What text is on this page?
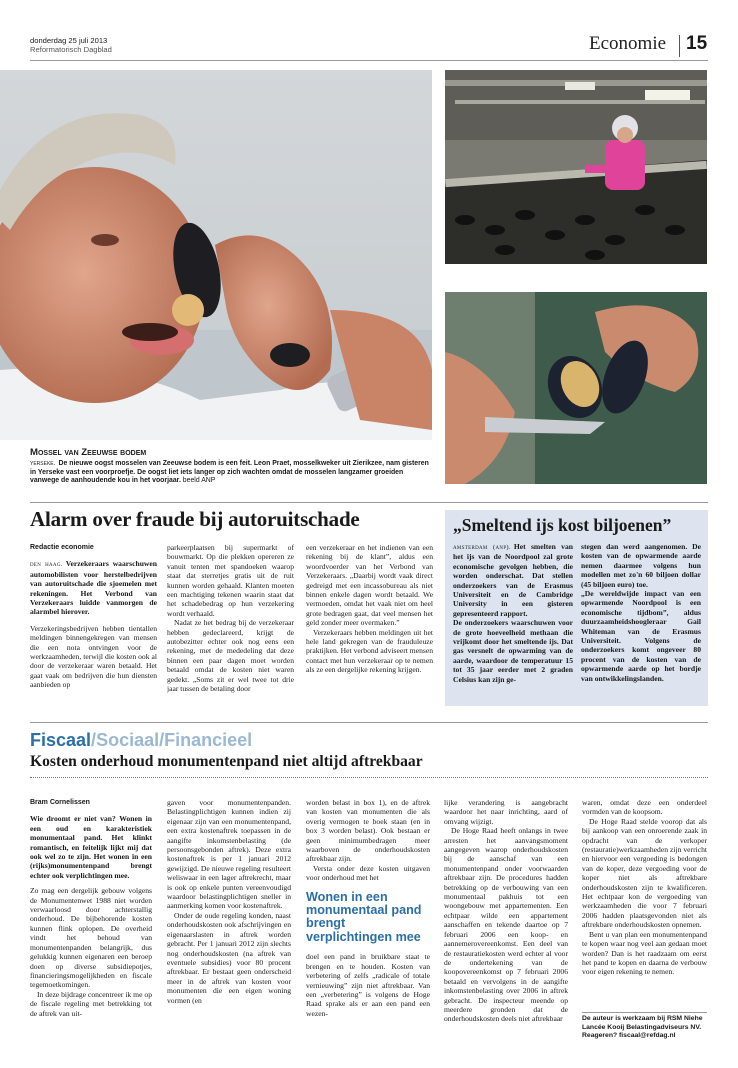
donderdag 25 juli 2013
Reformatorisch Dagblad	Economie 15
Mossel van Zeeuwse bodem
yerseke. De nieuwe oogst mosselen van Zeeuwse bodem is een feit. Leon Praet, mosselkweker uit Zierikzee, nam gisteren in Yerseke vast een voorproefje. De oogst liet iets langer op zich wachten omdat de mosselen langzamer groeiden vanwege de aanhoudende kou in het voorjaar. beeld ANP
Alarm over fraude bij autoruitschade

Redactie economie

den haag. Verzekeraars waarschuwen automobilisten voor herstelbedrijven van autoruitschade die sjoemelen met rekeningen. Het Verbond van Verzekeraars luidde vanmorgen de alarmbel hierover.

Verzekeringsbedrijven hebben tientallen meldingen binnengekregen van mensen die een nota ontvingen voor de werkzaamheden, terwijl die kosten ook al door de verzekeraar waren betaald. Het gaat vaak om bedrijven die hun diensten aanbieden op

parkeerplaatsen bij supermarkt of bouwmarkt. Op die plekken opereren ze vanuit tenten met spandoeken waarop staat dat sterretjes gratis uit de ruit kunnen worden gehaald. Klanten moeten een machtiging tekenen waarin staat dat het schadebedrag op hun verzekering wordt verhaald.

Nadat ze het bedrag bij de verzekeraar hebben gedeclareerd, krijgt de autobezitter echter ook nog eens een rekening, met de mededeling dat deze binnen een paar dagen moet worden betaald omdat de kosten niet waren gedekt. „Soms zit er wel twee tot drie jaar tussen de betaling door

een verzekeraar en het indienen van een rekening bij de klant”, aldus een woordvoerder van het Verbond van Verzekeraars. „Daarbij wordt vaak direct gedreigd met een incassobureau als niet binnen enkele dagen wordt betaald. We vermoeden, omdat het vaak niet om heel grote bedragen gaat, dat veel mensen het geld zonder meer overmaken.”

Verzekeraars hebben meldingen uit het hele land gekregen van de frauduleuze praktijken. Het verbond adviseert mensen contact met hun verzekeraar op te nemen als ze een dergelijke rekening krijgen.

„Smeltend ijs kost biljoenen”

amsterdam (anp). Het smelten van het ijs van de Noordpool zal grote economische gevolgen hebben, die worden onderschat. Dat stellen onderzoekers van de Erasmus Universiteit en de Cambridge University in een gisteren gepresenteerd rapport.

De onderzoekers waarschuwen voor de grote hoeveelheid methaan die vrijkomt door het smeltende ijs. Dat gas versnelt de opwarming van de aarde, waardoor de temperatuur 15 tot 35 jaar eerder met 2 graden Celsius kan zijn ge-

stegen dan werd aangenomen. De kosten van de opwarmende aarde nemen daarmee volgens hun modellen met zo'n 60 biljoen dollar (45 biljoen euro) toe.

„De wereldwijde impact van een opwarmende Noordpool is een economische tijdbom”, aldus duurzaamheidshoogleraar Gail Whiteman van de Erasmus Universiteit. Volgens de onderzoekers komt ongeveer 80 procent van de kosten van de opwarmende aarde op het bordje van ontwikkelingslanden.

Fiscaal/Sociaal/Financieel
Kosten onderhoud monumentenpand niet altijd aftrekbaar

Bram Cornelissen

Wie droomt er niet van? Wonen in een oud en karakteristiek monumentaal pand. Het klinkt romantisch, en feitelijk lijkt mij dat ook wel zo te zijn. Het wonen in een (rijks)monumentenpand brengt echter ook verplichtingen mee.

Zo mag een dergelijk gebouw volgens de Monumentenwet 1988 niet worden verwaarloosd door achterstallig onderhoud. De bijbehorende kosten kunnen flink oplopen. De overheid vindt het behoud van monumentenpanden belangrijk, dus gelukkig kunnen eigenaren een beroep doen op diverse subsidiepotjes, financieringsmogelijkheden en fiscale tegemoetkomingen.

In deze bijdrage concentreer ik me op de fiscale regeling met betrekking tot de aftrek van uit-

gaven voor monumentenpanden. Belastingplichtigen kunnen indien zij eigenaar zijn van een monumentenpand, een extra kostenaftrek toepassen in de aangifte inkomstenbelasting (de persoonsgebonden aftrek). Deze extra kostenaftrek is per 1 januari 2012 gewijzigd. De nieuwe regeling resulteert weliswaar in een lager aftrekrecht, maar is ook op enkele punten vereenvoudigd waardoor belastingplichtigen sneller in aanmerking komen voor kostenaftrek.

Onder de oude regeling konden, naast onderhoudskosten ook afschrijvingen en eigenaarslasten in aftrek worden gebracht. Per 1 januari 2012 zijn slechts nog onderhoudskosten (na aftrek van eventuele subsidies) voor 80 procent aftrekbaar. Er bestaat geen onderscheid meer in de aftrek van kosten voor monumenten die een eigen woning vormen (en

worden belast in box 1), en de aftrek van kosten van monumenten die als overig vermogen te boek staan (en in box 3 worden belast). Ook bestaan er geen minimumbedragen meer waarboven de onderhoudskosten aftrekbaar zijn.

Versta onder deze kosten uitgaven voor onderhoud met het

Wonen in een monumentaal pand brengt verplichtingen mee

doel een pand in bruikbare staat te brengen en te houden. Kosten van verbetering of zelfs „radicale of totale vernieuwing” zijn niet aftrekbaar. Van een „verbetering” is volgens de Hoge Raad sprake als er aan een pand een wezen-

lijke verandering is aangebracht waardoor het naar inrichting, aard of omvang wijzigt.

De Hoge Raad heeft onlangs in twee arresten het aanvangsmoment aangegeven waarop onderhoudskosten bij de aanschaf van een monumentenpand onder voorwaarden aftrekbaar zijn. De procedures hadden betrekking op de verbouwing van een monumentaal pakhuis tot een woongebouw met appartementen. Een echtpaar wilde een appartement aanschaffen en tekende daartoe op 7 februari 2006 een koop- en aannemerovereenkomst. Een deel van de restauratiekosten werd echter al voor de ondertekening van de koopovereenkomst op 7 februari 2006 betaald en vervolgens in de aangifte inkomstenbelasting over 2006 in aftrek gebracht. De inspecteur meende op meerdere gronden dat de onderhoudskosten deels niet aftrekbaar

waren, omdat deze een onderdeel vormden van de koopsom.

De Hoge Raad stelde voorop dat als bij aankoop van een onroerende zaak in opdracht van de verkoper (restauratie)werkzaamheden zijn verricht en hiervoor een vergoeding is bedongen van de koper, deze vergoeding voor de koper niet als aftrekbare onderhoudskosten zijn te kwalificeren. Het echtpaar kon de vergoeding van werkzaamheden die voor 7 februari 2006 hadden plaatsgevonden niet als aftrekbare onderhoudskosten opnemen.

Bent u van plan een monumentenpand te kopen waar nog veel aan gedaan moet worden? Dan is het raadzaam om eerst het pand te kopen en daarna de verbouw voor eigen rekening te nemen.

De auteur is werkzaam bij RSM Niehe Lancée Kooij Belastingadviseurs NV. Reageren? fiscaal@refdag.nl
